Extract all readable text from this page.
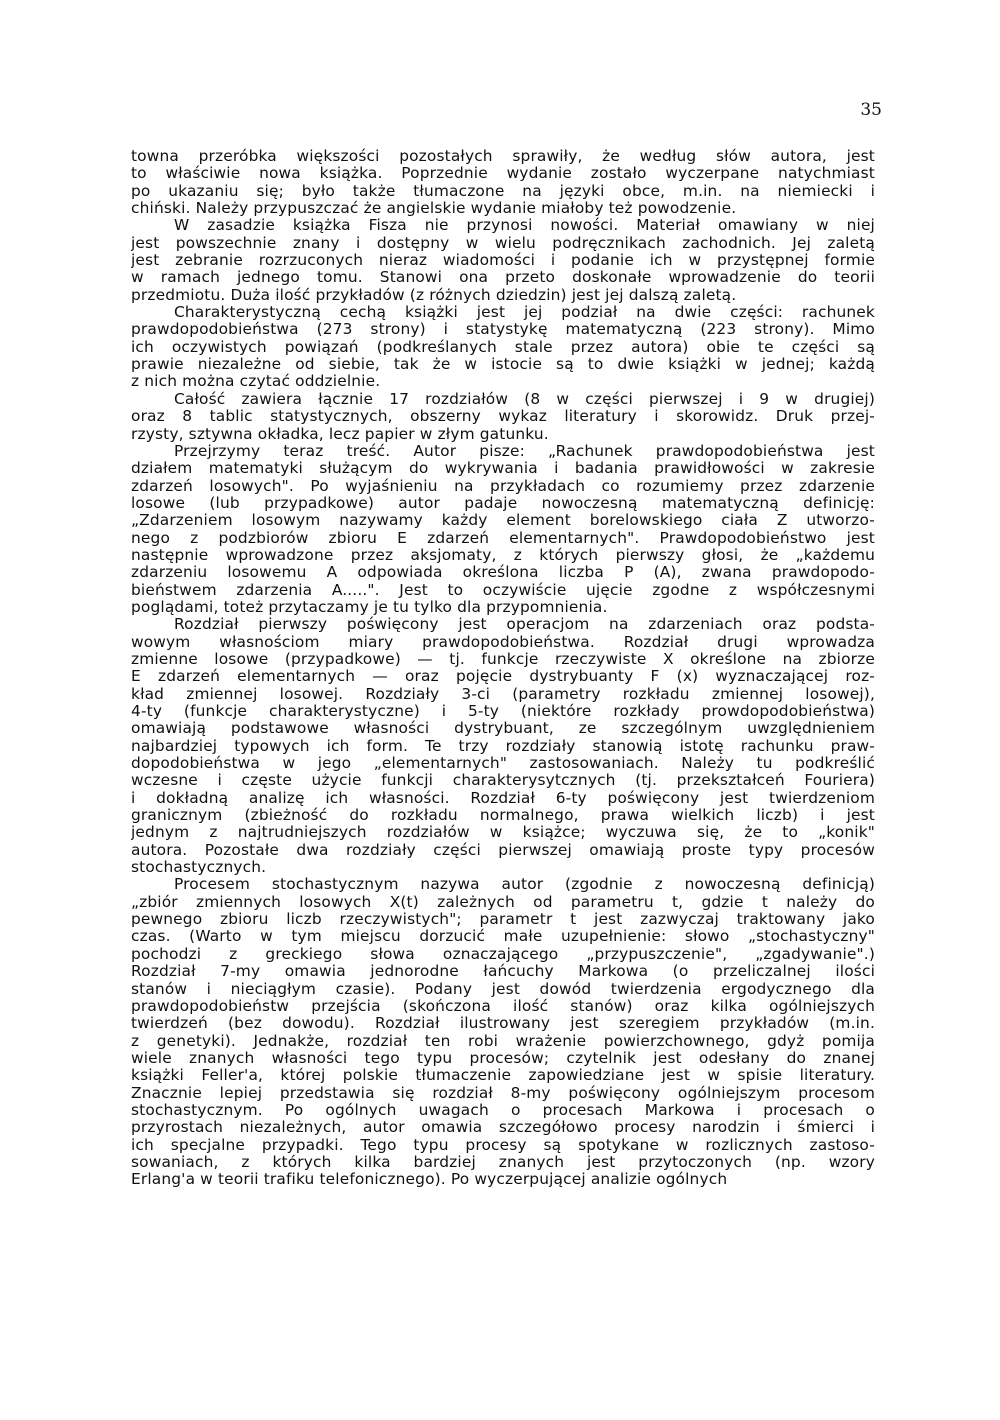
35
towna przeróbka większości pozostałych sprawiły, że według słów autora, jest
to właściwie nowa książka. Poprzednie wydanie zostało wyczerpane natychmiast
po ukazaniu się; było także tłumaczone na języki obce, m.in. na niemiecki i
chiński. Należy przypuszczać że angielskie wydanie miałoby też powodzenie.
W zasadzie książka Fisza nie przynosi nowości. Materiał omawiany w niej
jest powszechnie znany i dostępny w wielu podręcznikach zachodnich. Jej zaletą
jest zebranie rozrzuconych nieraz wiadomości i podanie ich w przystępnej formie
w ramach jednego tomu. Stanowi ona przeto doskonałe wprowadzenie do teorii
przedmiotu. Duża ilość przykładów (z różnych dziedzin) jest jej dalszą zaletą.
Charakterystyczną cechą książki jest jej podział na dwie części: rachunek
prawdopodobieństwa (273 strony) i statystykę matematyczną (223 strony). Mimo
ich oczywistych powiązań (podkreślanych stale przez autora) obie te części są
prawie niezależne od siebie, tak że w istocie są to dwie książki w jednej; każdą
z nich można czytać oddzielnie.
Całość zawiera łącznie 17 rozdziałów (8 w części pierwszej i 9 w drugiej)
oraz 8 tablic statystycznych, obszerny wykaz literatury i skorowidz. Druk przej-
rzysty, sztywna okładka, lecz papier w złym gatunku.
Przejrzymy teraz treść. Autor pisze: „Rachunek prawdopodobieństwa jest
działem matematyki służącym do wykrywania i badania prawidłowości w zakresie
zdarzeń losowych". Po wyjaśnieniu na przykładach co rozumiemy przez zdarzenie
losowe (lub przypadkowe) autor padaje nowoczesną matematyczną definicję:
„Zdarzeniem losowym nazywamy każdy element borelowskiego ciała Z utworzo-
nego z podzbiorów zbioru E zdarzeń elementarnych". Prawdopodobieństwo jest
następnie wprowadzone przez aksjomaty, z których pierwszy głosi, że „każdemu
zdarzeniu losowemu A odpowiada określona liczba P (A), zwana prawdopodo-
bieństwem zdarzenia A.....". Jest to oczywiście ujęcie zgodne z współczesnymi
poglądami, toteż przytaczamy je tu tylko dla przypomnienia.
Rozdział pierwszy poświęcony jest operacjom na zdarzeniach oraz podsta-
wowym własnościom miary prawdopodobieństwa. Rozdział drugi wprowadza
zmienne losowe (przypadkowe) — tj. funkcje rzeczywiste X określone na zbiorze
E zdarzeń elementarnych — oraz pojęcie dystrybuanty F (x) wyznaczającej roz-
kład zmiennej losowej. Rozdziały 3-ci (parametry rozkładu zmiennej losowej),
4-ty (funkcje charakterystyczne) i 5-ty (niektóre rozkłady prowdopodobieństwa)
omawiają podstawowe własności dystrybuant, ze szczególnym uwzględnieniem
najbardziej typowych ich form. Te trzy rozdziały stanowią istotę rachunku praw-
dopodobieństwa w jego „elementarnych" zastosowaniach. Należy tu podkreślić
wczesne i częste użycie funkcji charakterysytcznych (tj. przekształceń Fouriera)
i dokładną analizę ich własności. Rozdział 6-ty poświęcony jest twierdzeniom
granicznym (zbieżność do rozkładu normalnego, prawa wielkich liczb) i jest
jednym z najtrudniejszych rozdziałów w książce; wyczuwa się, że to „konik"
autora. Pozostałe dwa rozdziały części pierwszej omawiają proste typy procesów
stochastycznych.
Procesem stochastycznym nazywa autor (zgodnie z nowoczesną definicją)
„zbiór zmiennych losowych X(t) zależnych od parametru t, gdzie t należy do
pewnego zbioru liczb rzeczywistych"; parametr t jest zazwyczaj traktowany jako
czas. (Warto w tym miejscu dorzucić małe uzupełnienie: słowo „stochastyczny"
pochodzi z greckiego słowa oznaczającego „przypuszczenie", „zgadywanie".)
Rozdział 7-my omawia jednorodne łańcuchy Markowa (o przeliczalnej ilości
stanów i nieciągłym czasie). Podany jest dowód twierdzenia ergodycznego dla
prawdopodobieństw przejścia (skończona ilość stanów) oraz kilka ogólniejszych
twierdzeń (bez dowodu). Rozdział ilustrowany jest szeregiem przykładów (m.in.
z genetyki). Jednakże, rozdział ten robi wrażenie powierzchownego, gdyż pomija
wiele znanych własności tego typu procesów; czytelnik jest odesłany do znanej
książki Feller'a, której polskie tłumaczenie zapowiedziane jest w spisie literatury.
Znacznie lepiej przedstawia się rozdział 8-my poświęcony ogólniejszym procesom
stochastycznym. Po ogólnych uwagach o procesach Markowa i procesach o
przyrostach niezależnych, autor omawia szczegółowo procesy narodzin i śmierci i
ich specjalne przypadki. Tego typu procesy są spotykane w rozlicznych zastoso-
sowaniach, z których kilka bardziej znanych jest przytoczonych (np. wzory
Erlang'a w teorii trafiku telefonicznego). Po wyczerpującej analizie ogólnych
